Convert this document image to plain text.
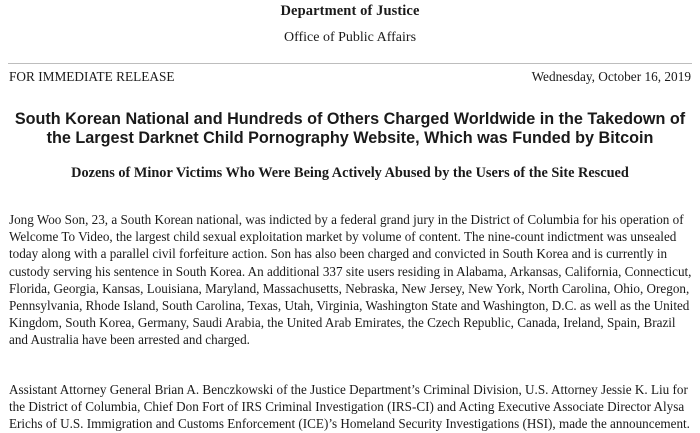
Department of Justice
Office of Public Affairs
FOR IMMEDIATE RELEASE	Wednesday, October 16, 2019
South Korean National and Hundreds of Others Charged Worldwide in the Takedown of the Largest Darknet Child Pornography Website, Which was Funded by Bitcoin
Dozens of Minor Victims Who Were Being Actively Abused by the Users of the Site Rescued
Jong Woo Son, 23, a South Korean national, was indicted by a federal grand jury in the District of Columbia for his operation of Welcome To Video, the largest child sexual exploitation market by volume of content. The nine-count indictment was unsealed today along with a parallel civil forfeiture action. Son has also been charged and convicted in South Korea and is currently in custody serving his sentence in South Korea. An additional 337 site users residing in Alabama, Arkansas, California, Connecticut, Florida, Georgia, Kansas, Louisiana, Maryland, Massachusetts, Nebraska, New Jersey, New York, North Carolina, Ohio, Oregon, Pennsylvania, Rhode Island, South Carolina, Texas, Utah, Virginia, Washington State and Washington, D.C. as well as the United Kingdom, South Korea, Germany, Saudi Arabia, the United Arab Emirates, the Czech Republic, Canada, Ireland, Spain, Brazil and Australia have been arrested and charged.
Assistant Attorney General Brian A. Benczkowski of the Justice Department’s Criminal Division, U.S. Attorney Jessie K. Liu for the District of Columbia, Chief Don Fort of IRS Criminal Investigation (IRS-CI) and Acting Executive Associate Director Alysa Erichs of U.S. Immigration and Customs Enforcement (ICE)’s Homeland Security Investigations (HSI), made the announcement.
